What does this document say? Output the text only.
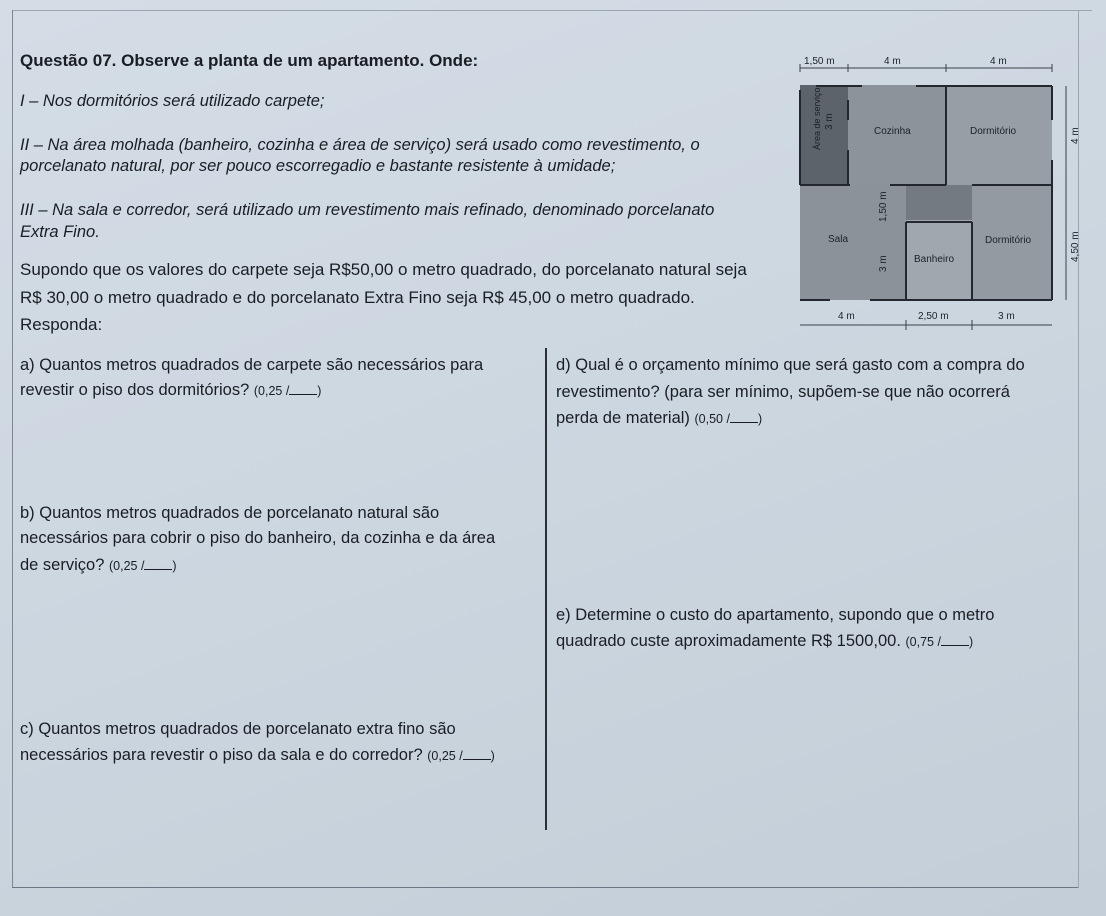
Questão 07. Observe a planta de um apartamento. Onde:
I – Nos dormitórios será utilizado carpete;
II – Na área molhada (banheiro, cozinha e área de serviço) será usado como revestimento, o
porcelanato natural, por ser pouco escorregadio e bastante resistente à umidade;
III – Na sala e corredor, será utilizado um revestimento mais refinado, denominado porcelanato
Extra Fino.
Supondo que os valores do carpete seja R$50,00 o metro quadrado, do porcelanato natural seja
R$ 30,00 o metro quadrado e do porcelanato Extra Fino seja R$ 45,00 o metro quadrado.
Responda:
a) Quantos metros quadrados de carpete são necessários para
revestir o piso dos dormitórios? (0,25 / )
b) Quantos metros quadrados de porcelanato natural são
necessários para cobrir o piso do banheiro, da cozinha e da área
de serviço? (0,25 / )
c) Quantos metros quadrados de porcelanato extra fino são
necessários para revestir o piso da sala e do corredor? (0,25 / )
d) Qual é o orçamento mínimo que será gasto com a compra do
revestimento? (para ser mínimo, supõem-se que não ocorrerá
perda de material) (0,50 / )
e) Determine o custo do apartamento, supondo que o metro
quadrado custe aproximadamente R$ 1500,00. (0,75 / )
Cozinha	Dormitório
Sala
Banheiro
Dormitório
Área de serviço
1,50 m	4 m	4 m
4 m	2,50 m	3 m
3 m
4 m
1,50 m
3 m
4,50 m
